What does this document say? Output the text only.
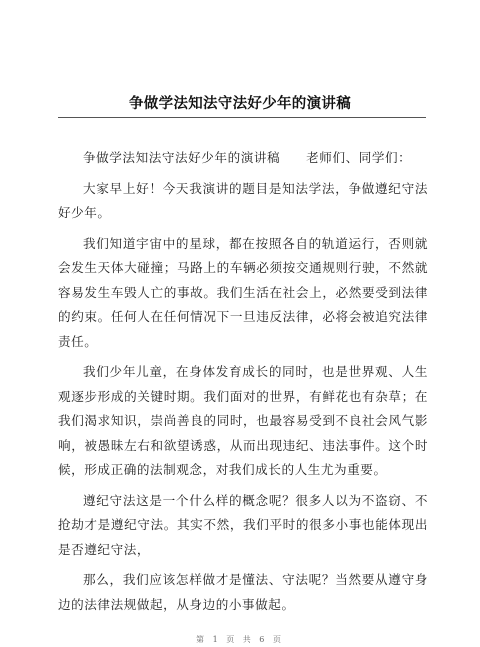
争做学法知法守法好少年的演讲稿

争做学法知法守法好少年的演讲稿 老师们、同学们：

大家早上好！今天我演讲的题目是知法学法，争做遵纪守法好少年。

我们知道宇宙中的星球，都在按照各自的轨道运行，否则就会发生天体大碰撞；马路上的车辆必须按交通规则行驶，不然就容易发生车毁人亡的事故。我们生活在社会上，必然要受到法律的约束。任何人在任何情况下一旦违反法律，必将会被追究法律责任。

我们少年儿童，在身体发育成长的同时，也是世界观、人生观逐步形成的关键时期。我们面对的世界，有鲜花也有杂草；在我们渴求知识，崇尚善良的同时，也最容易受到不良社会风气影响，被愚昧左右和欲望诱惑，从而出现违纪、违法事件。这个时候，形成正确的法制观念，对我们成长的人生尤为重要。

遵纪守法这是一个什么样的概念呢？很多人以为不盗窃、不抢劫才是遵纪守法。其实不然，我们平时的很多小事也能体现出是否遵纪守法，

那么，我们应该怎样做才是懂法、守法呢？当然要从遵守身边的法律法规做起，从身边的小事做起。

第 1 页 共 6 页
